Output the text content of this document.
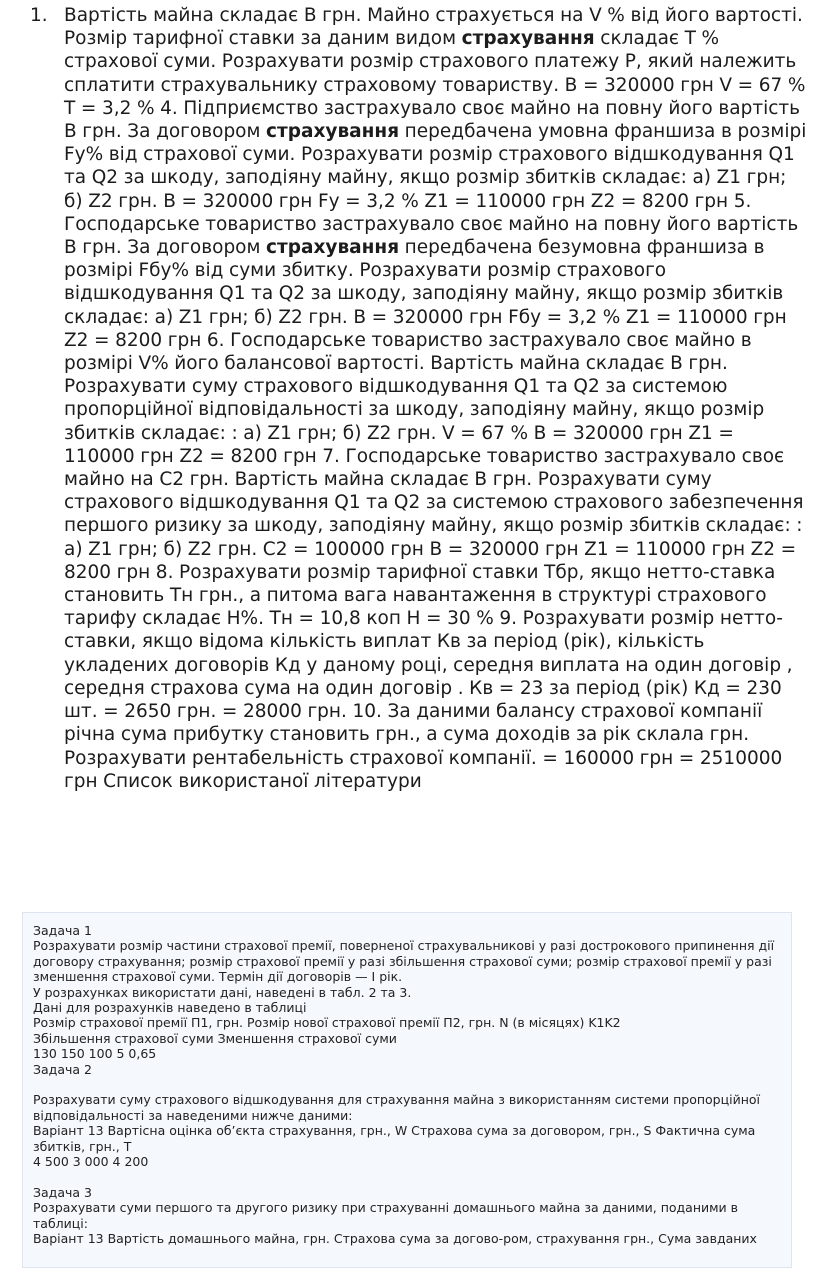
1. Вартість майна складає В грн. Майно страхується на V % від його вартості. Розмір тарифної ставки за даним видом страхування складає Т % страхової суми. Розрахувати розмір страхового платежу Р, який належить сплатити страхувальнику страховому товариству. В = 320000 грн V = 67 % Т = 3,2 % 4. Підприємство застрахувало своє майно на повну його вартість В грн. За договором страхування передбачена умовна франшиза в розмірі Fу% від страхової суми. Розрахувати розмір страхового відшкодування Q1 та Q2 за шкоду, заподіяну майну, якщо розмір збитків складає: а) Z1 грн; б) Z2 грн. В = 320000 грн Fу = 3,2 % Z1 = 110000 грн Z2 = 8200 грн 5. Господарське товариство застрахувало своє майно на повну його вартість В грн. За договором страхування передбачена безумовна франшиза в розмірі Fбу% від суми збитку. Розрахувати розмір страхового відшкодування Q1 та Q2 за шкоду, заподіяну майну, якщо розмір збитків складає: а) Z1 грн; б) Z2 грн. В = 320000 грн Fбу = 3,2 % Z1 = 110000 грн Z2 = 8200 грн 6. Господарське товариство застрахувало своє майно в розмірі V% його балансової вартості. Вартість майна складає В грн. Розрахувати суму страхового відшкодування Q1 та Q2 за системою пропорційної відповідальності за шкоду, заподіяну майну, якщо розмір збитків складає: : а) Z1 грн; б) Z2 грн. V = 67 % В = 320000 грн Z1 = 110000 грн Z2 = 8200 грн 7. Господарське товариство застрахувало своє майно на С2 грн. Вартість майна складає В грн. Розрахувати суму страхового відшкодування Q1 та Q2 за системою страхового забезпечення першого ризику за шкоду, заподіяну майну, якщо розмір збитків складає: : а) Z1 грн; б) Z2 грн. С2 = 100000 грн В = 320000 грн Z1 = 110000 грн Z2 = 8200 грн 8. Розрахувати розмір тарифної ставки Тбр, якщо нетто-ставка становить Тн грн., а питома вага навантаження в структурі страхового тарифу складає Н%. Тн = 10,8 коп Н = 30 % 9. Розрахувати розмір нетто-ставки, якщо відома кількість виплат Кв за період (рік), кількість укладених договорів Кд у даному році, середня виплата на один договір , середня страхова сума на один договір . Кв = 23 за період (рік) Кд = 230 шт. = 2650 грн. = 28000 грн. 10. За даними балансу страхової компанії річна сума прибутку становить грн., а сума доходів за рік склала грн. Розрахувати рентабельність страхової компанії. = 160000 грн = 2510000 грн Список використаної літератури

Задача 1

Розрахувати розмір частини страхової премії, поверненої страхувальникові у разі дострокового припинення дії договору страхування; розмір страхової премії у разі збільшення страхової суми; розмір страхової премії у разі зменшення страхової суми. Термін дії договорів — I рік.

У розрахунках використати дані, наведені в табл. 2 та 3.

Дані для розрахунків наведено в таблиці

Розмір страхової премії П1, грн. Розмір нової страхової премії П2, грн. N (в місяцях) K1K2

Збільшення страхової суми Зменшення страхової суми

130 150 100 5 0,65

Задача 2

Розрахувати суму страхового відшкодування для страхування майна з використанням системи пропорційної відповідальності за наведеними нижче даними:

Варіант 13 Вартісна оцінка об’єкта страхування, грн., W Страхова сума за договором, грн., S Фактична сума збитків, грн., Т

4 500 3 000 4 200

Задача 3

Розрахувати суми першого та другого ризику при страхуванні домашнього майна за даними, поданими в таблиці:

Варіант 13 Вартість домашнього майна, грн. Страхова сума за догово-ром, страхування грн., Сума завданих
